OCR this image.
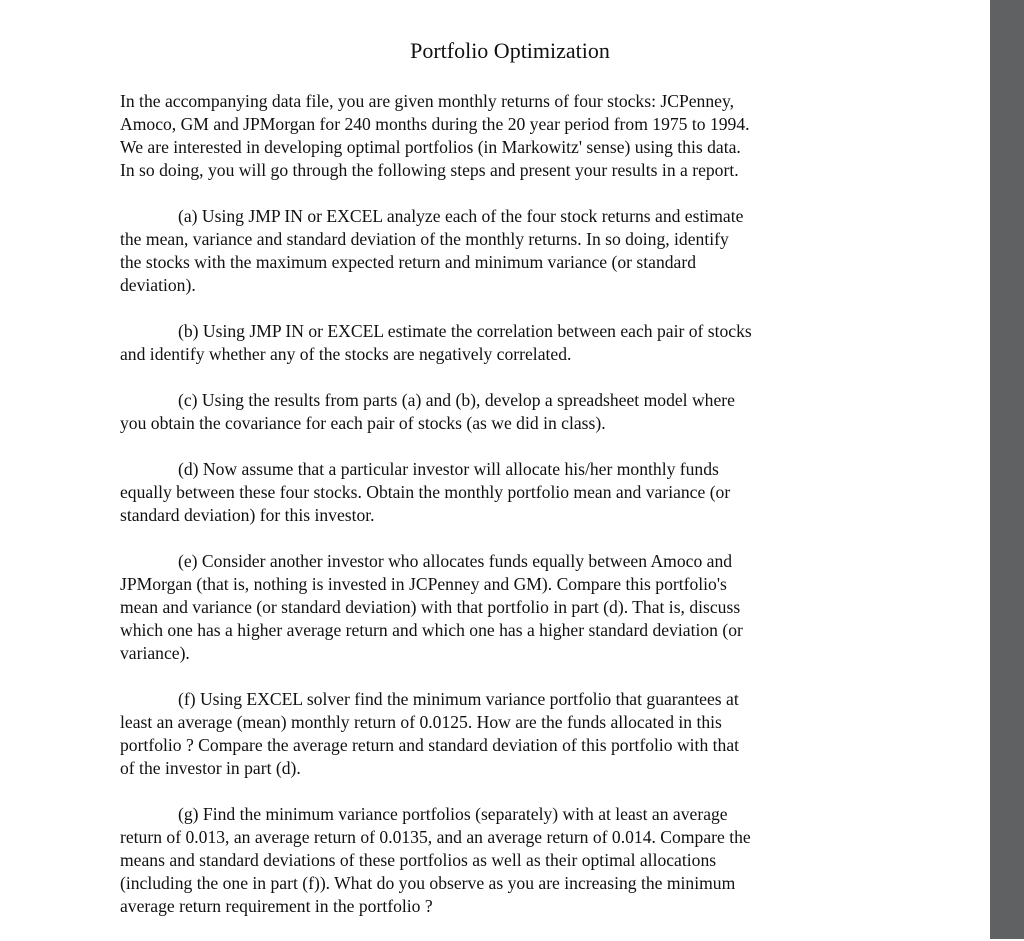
Portfolio Optimization

In the accompanying data file, you are given monthly returns of four stocks: JCPenney,
Amoco, GM and JPMorgan for 240 months during the 20 year period from 1975 to 1994.
We are interested in developing optimal portfolios (in Markowitz' sense) using this data.
In so doing, you will go through the following steps and present your results in a report.

(a) Using JMP IN or EXCEL analyze each of the four stock returns and estimate
the mean, variance and standard deviation of the monthly returns. In so doing, identify
the stocks with the maximum expected return and minimum variance (or standard
deviation).

(b) Using JMP IN or EXCEL estimate the correlation between each pair of stocks
and identify whether any of the stocks are negatively correlated.

(c) Using the results from parts (a) and (b), develop a spreadsheet model where
you obtain the covariance for each pair of stocks (as we did in class).

(d) Now assume that a particular investor will allocate his/her monthly funds
equally between these four stocks. Obtain the monthly portfolio mean and variance (or
standard deviation) for this investor.

(e) Consider another investor who allocates funds equally between Amoco and
JPMorgan (that is, nothing is invested in JCPenney and GM). Compare this portfolio's
mean and variance (or standard deviation) with that portfolio in part (d). That is, discuss
which one has a higher average return and which one has a higher standard deviation (or
variance).

(f) Using EXCEL solver find the minimum variance portfolio that guarantees at
least an average (mean) monthly return of 0.0125. How are the funds allocated in this
portfolio ? Compare the average return and standard deviation of this portfolio with that
of the investor in part (d).

(g) Find the minimum variance portfolios (separately) with at least an average
return of 0.013, an average return of 0.0135, and an average return of 0.014. Compare the
means and standard deviations of these portfolios as well as their optimal allocations
(including the one in part (f)). What do you observe as you are increasing the minimum
average return requirement in the portfolio ?
